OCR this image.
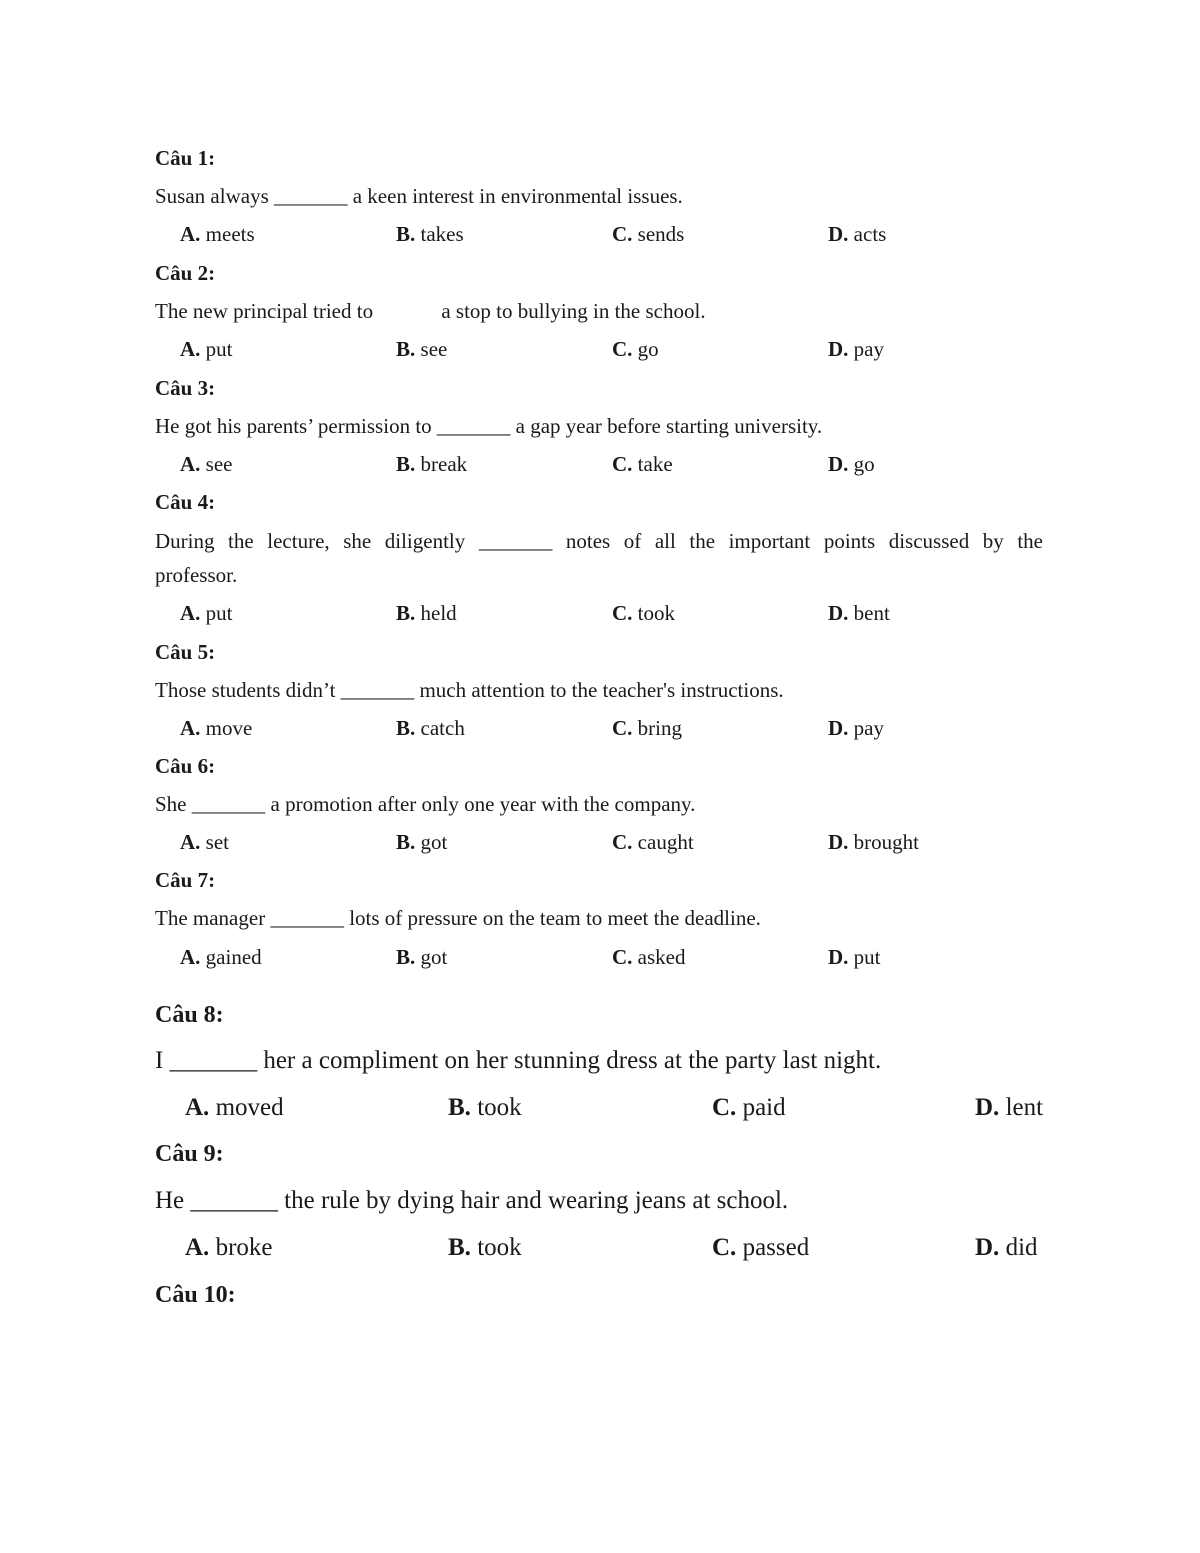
Câu 1:
Susan always _______ a keen interest in environmental issues.
A. meets	B. takes	C. sends	D. acts
Câu 2:
The new principal tried to             a stop to bullying in the school.
A. put	B. see	C. go	D. pay
Câu 3:
He got his parents’ permission to _______ a gap year before starting university.
A. see	B. break	C. take	D. go
Câu 4:
During the lecture, she diligently _______ notes of all the important points discussed by the
professor.
A. put	B. held	C. took	D. bent
Câu 5:
Those students didn’t _______ much attention to the teacher's instructions.
A. move	B. catch	C. bring	D. pay
Câu 6:
She _______ a promotion after only one year with the company.
A. set	B. got	C. caught	D. brought
Câu 7:
The manager _______ lots of pressure on the team to meet the deadline.
A. gained	B. got	C. asked	D. put
Câu 8:
I _______ her a compliment on her stunning dress at the party last night.
A. moved	B. took	C. paid	D. lent
Câu 9:
He _______ the rule by dying hair and wearing jeans at school.
A. broke	B. took	C. passed	D. did
Câu 10:
